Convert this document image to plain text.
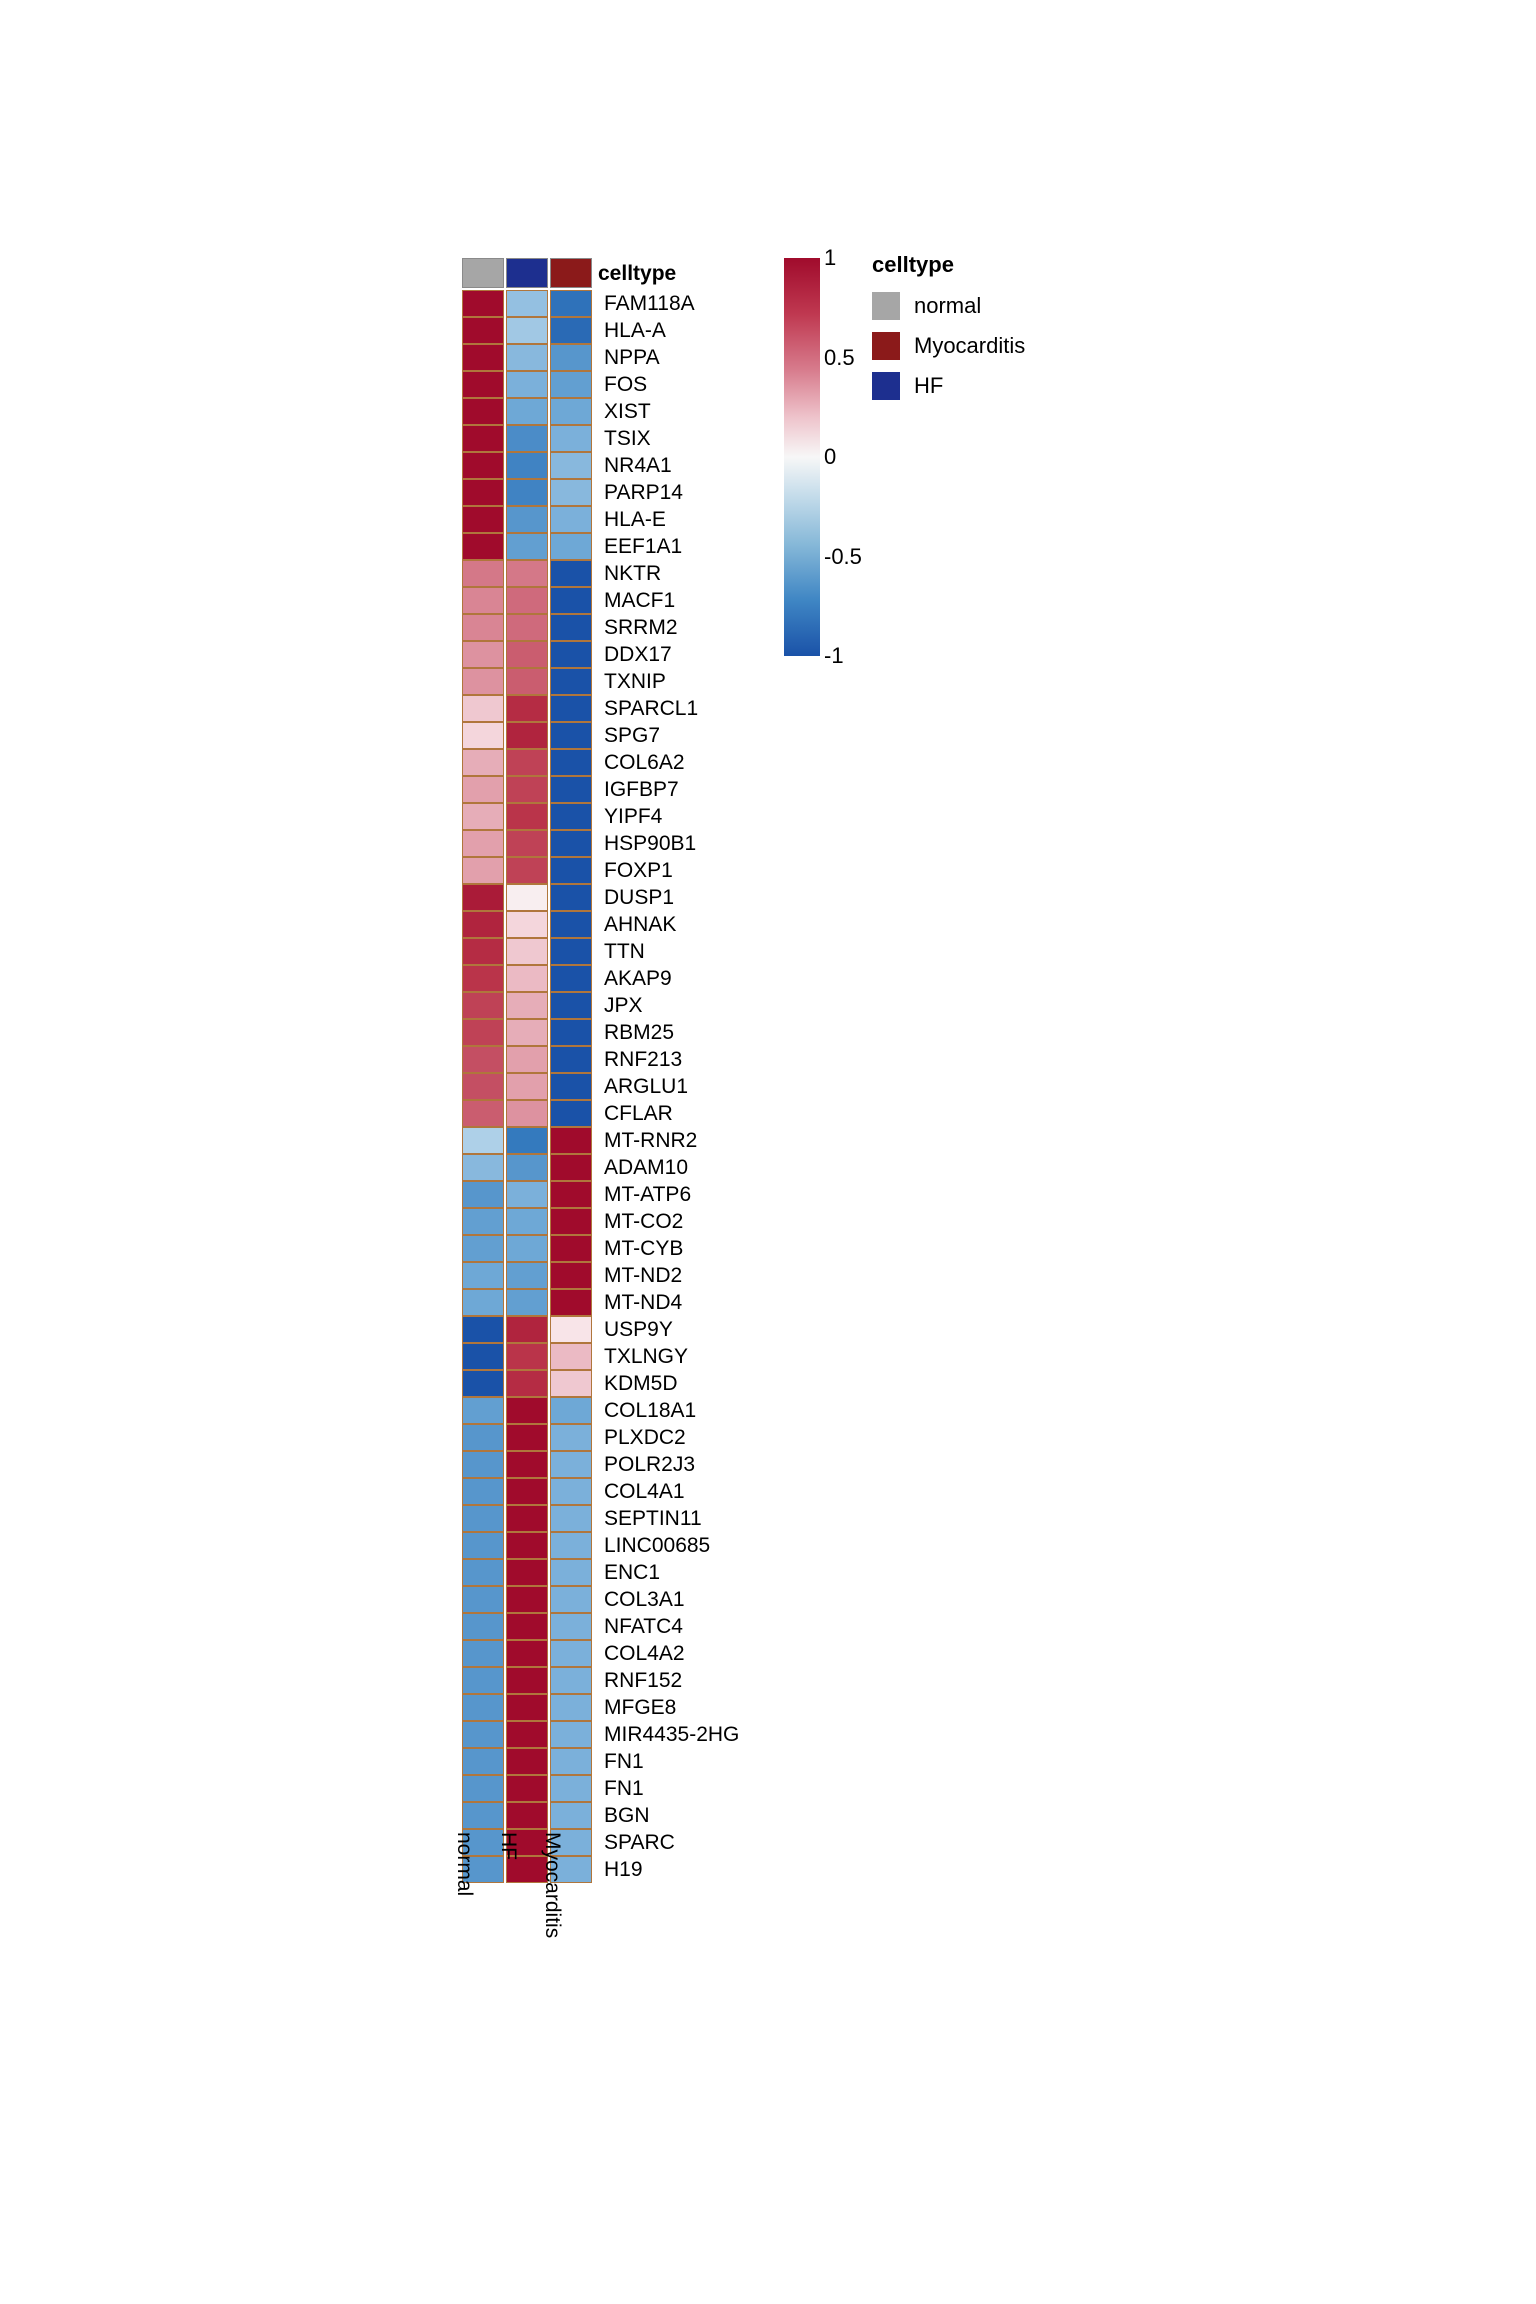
FAM118A
HLA-A
NPPA
FOS
XIST
TSIX
NR4A1
PARP14
HLA-E
EEF1A1
NKTR
MACF1
SRRM2
DDX17
TXNIP
SPARCL1
SPG7
COL6A2
IGFBP7
YIPF4
HSP90B1
FOXP1
DUSP1
AHNAK
TTN
AKAP9
JPX
RBM25
RNF213
ARGLU1
CFLAR
MT-RNR2
ADAM10
MT-ATP6
MT-CO2
MT-CYB
MT-ND2
MT-ND4
USP9Y
TXLNGY
KDM5D
COL18A1
PLXDC2
POLR2J3
COL4A1
SEPTIN11
LINC00685
ENC1
COL3A1
NFATC4
COL4A2
RNF152
MFGE8
MIR4435-2HG
FN1
FN1
BGN
SPARC
H19
celltype
normal HF Myocarditis
1
0.5
0
-0.5
-1
celltype
normal
Myocarditis
HF
